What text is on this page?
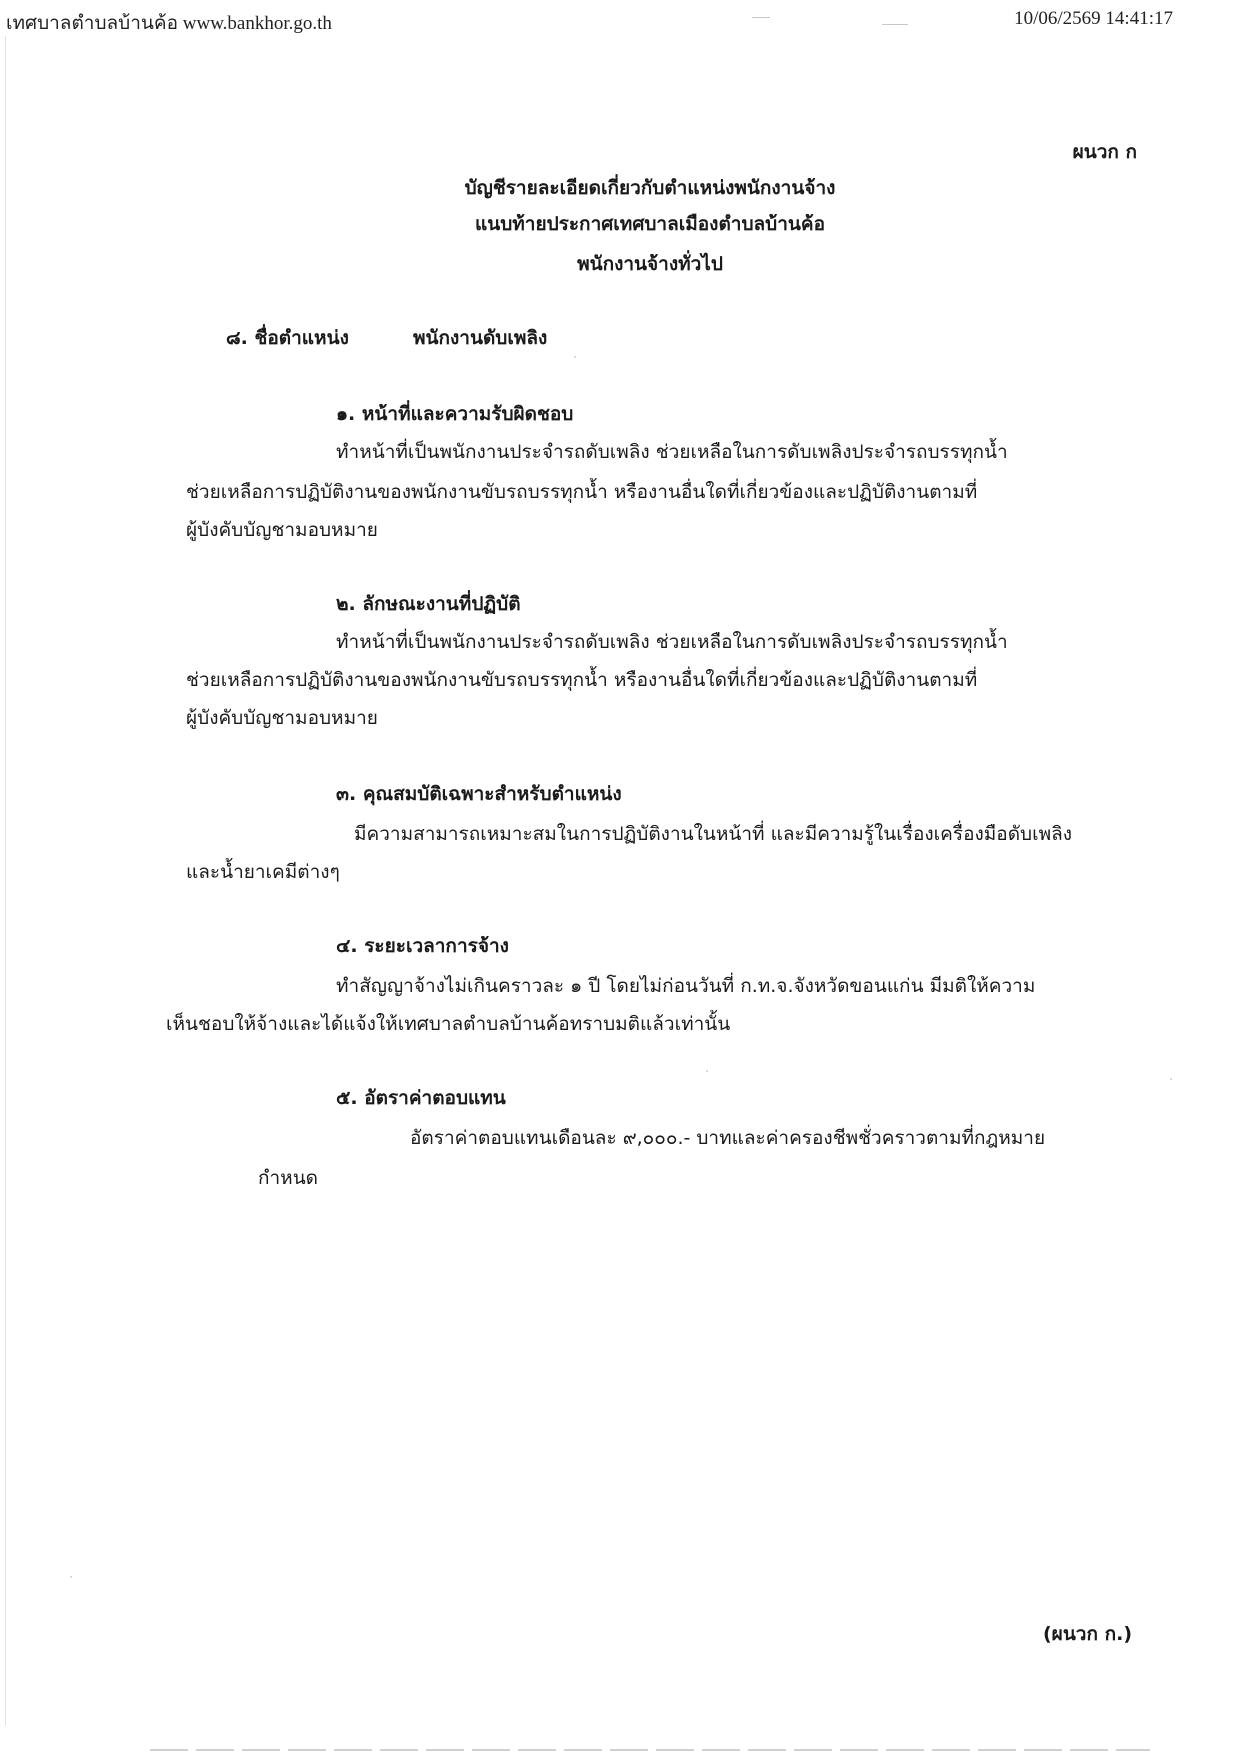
เทศบาลตำบลบ้านค้อ www.bankhor.go.th	10/06/2569 14:41:17
ผนวก ก
บัญชีรายละเอียดเกี่ยวกับตำแหน่งพนักงานจ้าง
แนบท้ายประกาศเทศบาลเมืองตำบลบ้านค้อ
พนักงานจ้างทั่วไป
๘. ชื่อตำแหน่ง	พนักงานดับเพลิง
๑. หน้าที่และความรับผิดชอบ
ทำหน้าที่เป็นพนักงานประจำรถดับเพลิง ช่วยเหลือในการดับเพลิงประจำรถบรรทุกน้ำ
ช่วยเหลือการปฏิบัติงานของพนักงานขับรถบรรทุกน้ำ หรืองานอื่นใดที่เกี่ยวข้องและปฏิบัติงานตามที่
ผู้บังคับบัญชามอบหมาย
๒. ลักษณะงานที่ปฏิบัติ
ทำหน้าที่เป็นพนักงานประจำรถดับเพลิง ช่วยเหลือในการดับเพลิงประจำรถบรรทุกน้ำ
ช่วยเหลือการปฏิบัติงานของพนักงานขับรถบรรทุกน้ำ หรืองานอื่นใดที่เกี่ยวข้องและปฏิบัติงานตามที่
ผู้บังคับบัญชามอบหมาย
๓. คุณสมบัติเฉพาะสำหรับตำแหน่ง
มีความสามารถเหมาะสมในการปฏิบัติงานในหน้าที่ และมีความรู้ในเรื่องเครื่องมือดับเพลิง
และน้ำยาเคมีต่างๆ
๔. ระยะเวลาการจ้าง
ทำสัญญาจ้างไม่เกินคราวละ ๑ ปี โดยไม่ก่อนวันที่ ก.ท.จ.จังหวัดขอนแก่น มีมติให้ความ
เห็นชอบให้จ้างและได้แจ้งให้เทศบาลตำบลบ้านค้อทราบมติแล้วเท่านั้น
๕. อัตราค่าตอบแทน
อัตราค่าตอบแทนเดือนละ ๙,๐๐๐.- บาทและค่าครองชีพชั่วคราวตามที่กฎหมาย
กำหนด
(ผนวก ก.)
